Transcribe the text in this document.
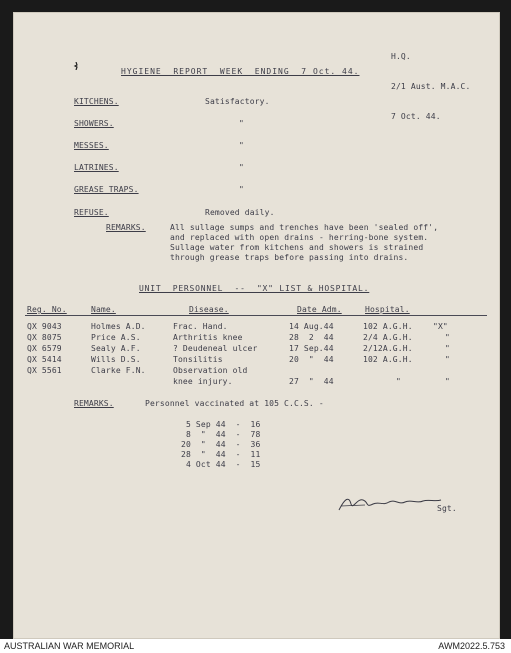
H.Q.

2/1 Aust. M.A.C.

7 Oct. 44.

HYGIENE  REPORT  WEEK  ENDING  7 Oct. 44.
KITCHENS.	Satisfactory.
SHOWERS.	"
MESSES.	"
LATRINES.	"
GREASE TRAPS.	"
REFUSE.	Removed daily.
REMARKS.	All sullage sumps and trenches have been 'sealed off',
and replaced with open drains - herring-bone system.
Sullage water from kitchens and showers is strained
through grease traps before passing into drains.
UNIT  PERSONNEL  --  "X" LIST & HOSPITAL.
Reg. No.	Name.	Disease.	Date Adm.	Hospital.
QX 9043	Holmes A.D.	Frac. Hand.	14 Aug.44	102 A.G.H.	"X"
QX 8075	Price A.S.	Arthritis knee	28  2  44	2/4 A.G.H.	"
QX 6579	Sealy A.F.	? Deudeneal ulcer	17 Sep.44	2/12A.G.H.	"
QX 5414	Wills D.S.	Tonsilitis	20  "  44	102 A.G.H.	"
QX 5561	Clarke F.N.	Observation old
knee injury.	27  "  44	"	"
REMARKS.	Personnel vaccinated at 105 C.C.S. -
5 Sep 44  -  16
8  "  44  -  78
20  "  44  -  36
28  "  44  -  11
4 Oct 44  -  15
Sgt.
AUSTRALIAN WAR MEMORIAL	AWM2022.5.753
